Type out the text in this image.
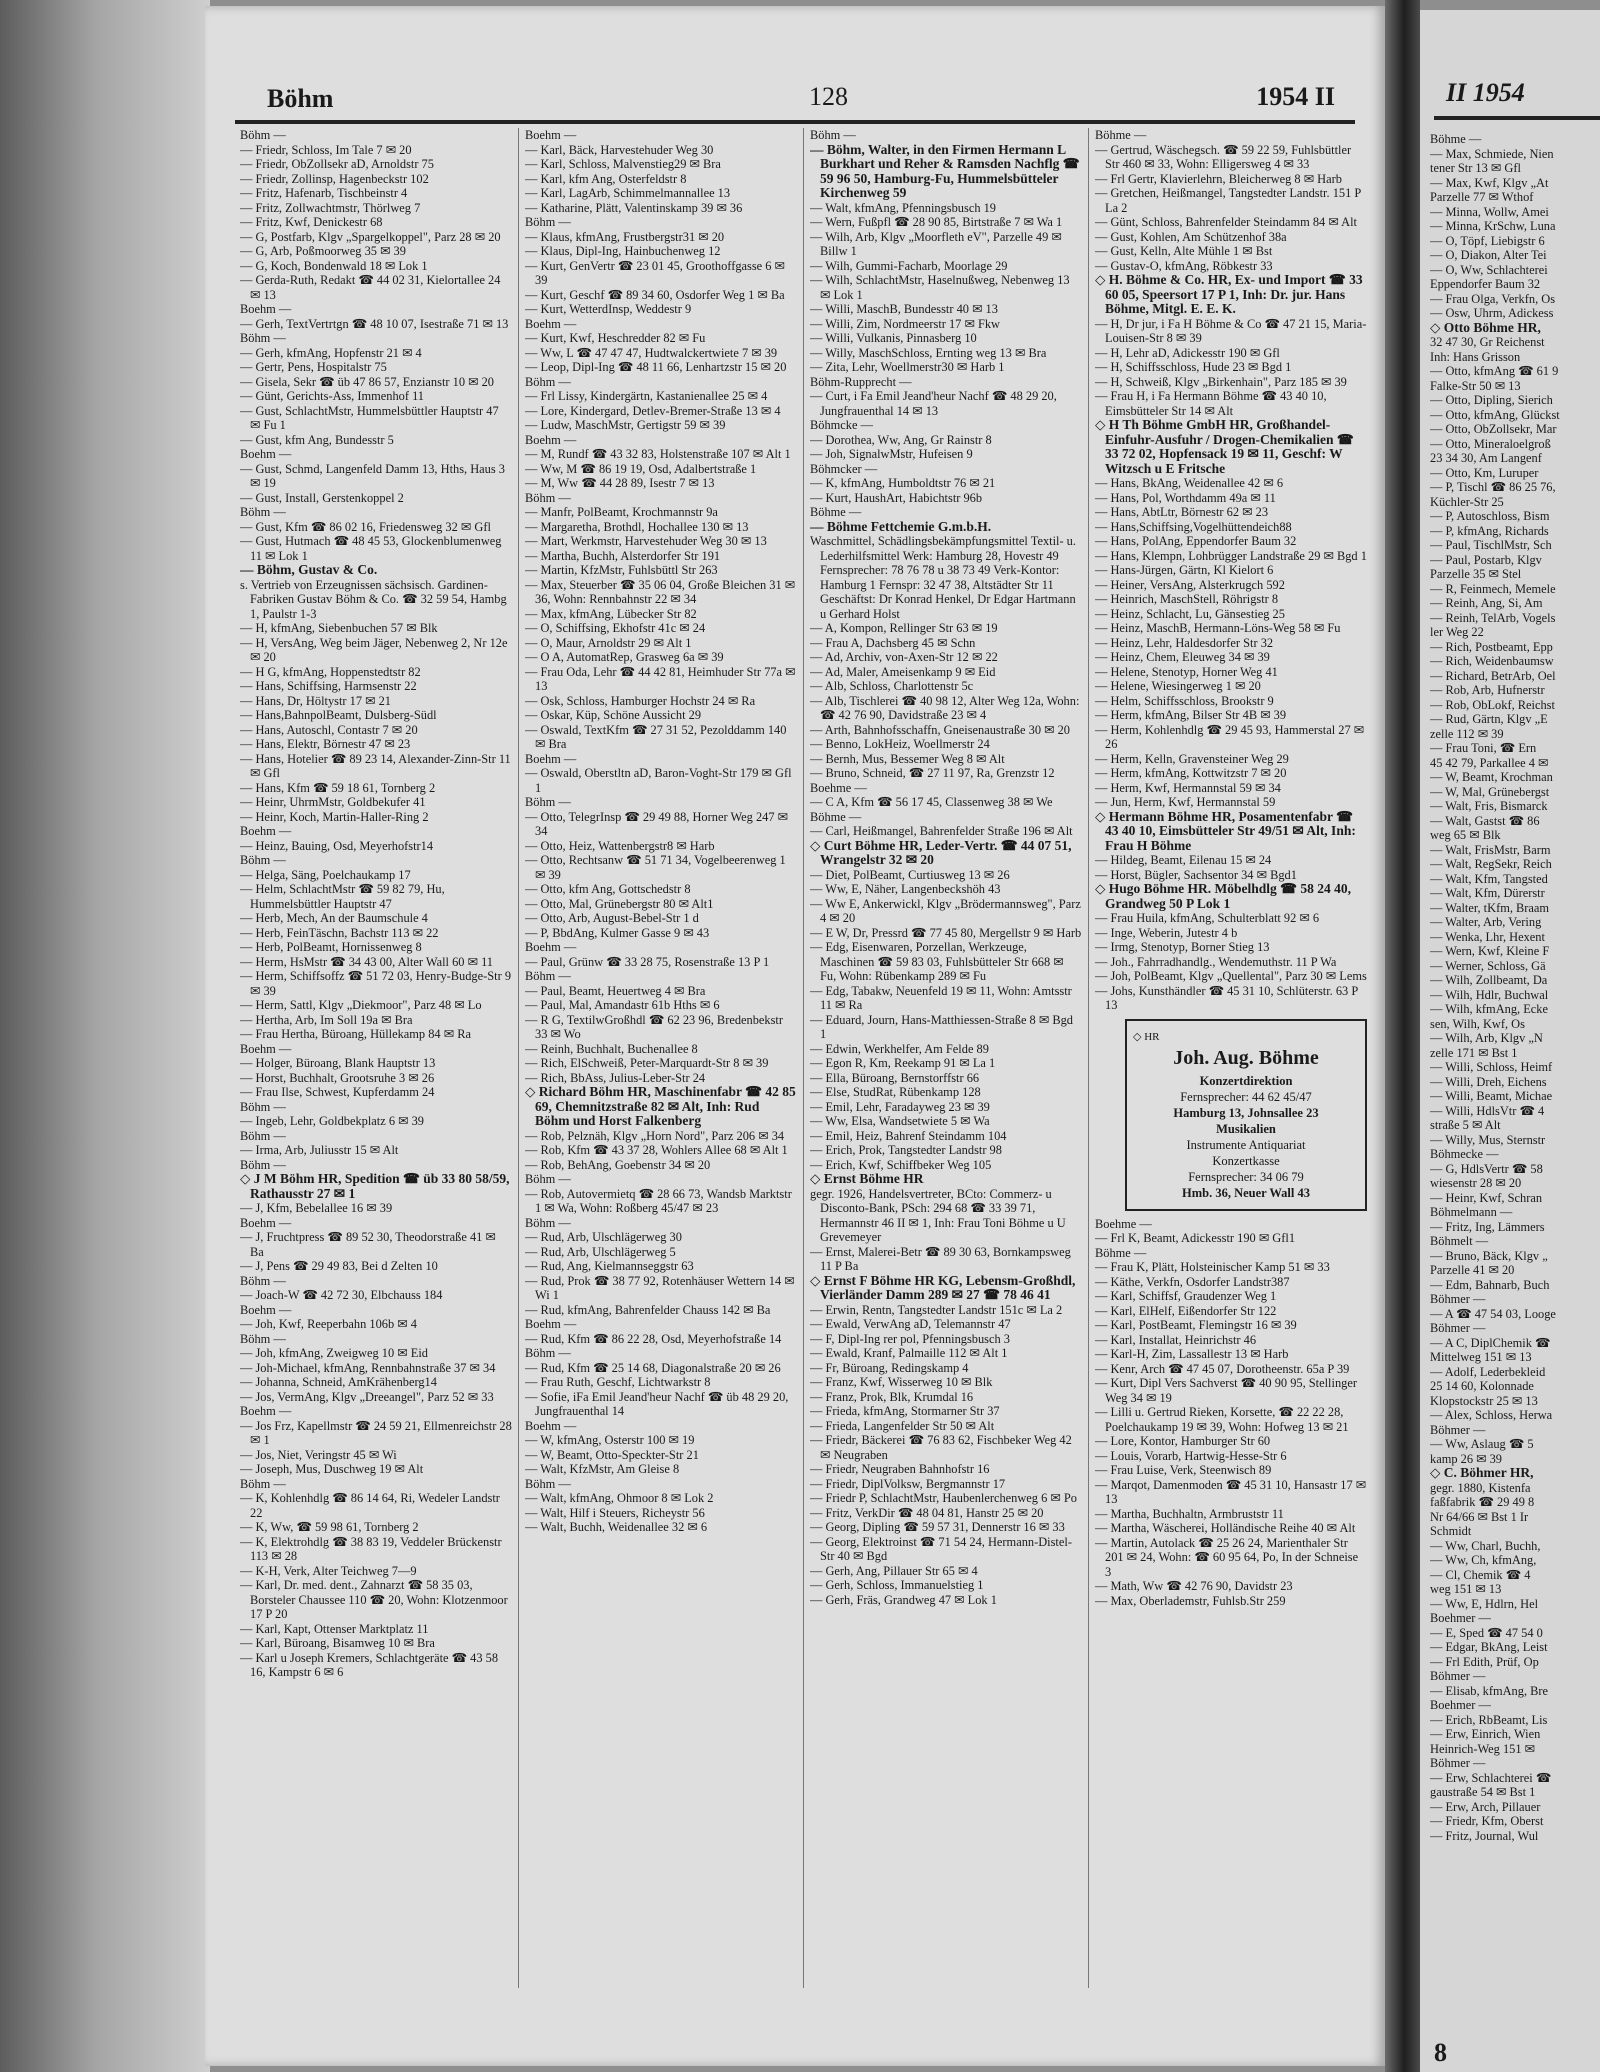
Böhm	128	1954 II

Böhm —

— Friedr, Schloss, Im Tale 7 ✉ 20

— Friedr, ObZollsekr aD, Arnoldstr 75

— Friedr, Zollinsp, Hagenbeckstr 102

— Fritz, Hafenarb, Tischbeinstr 4

— Fritz, Zollwachtmstr, Thörlweg 7

— Fritz, Kwf, Denickestr 68

— G, Postfarb, Klgv „Spargelkoppel", Parz 28 ✉ 20

— G, Arb, Poßmoorweg 35 ✉ 39

— G, Koch, Bondenwald 18 ✉ Lok 1

— Gerda-Ruth, Redakt ☎ 44 02 31, Kielortallee 24 ✉ 13

Boehm —

— Gerh, TextVertrtgn ☎ 48 10 07, Isestraße 71 ✉ 13

Böhm —

— Gerh, kfmAng, Hopfenstr 21 ✉ 4

— Gertr, Pens, Hospitalstr 75

— Gisela, Sekr ☎ üb 47 86 57, Enzianstr 10 ✉ 20

— Günt, Gerichts-Ass, Immenhof 11

— Gust, SchlachtMstr, Hummelsbüttler Hauptstr 47 ✉ Fu 1

— Gust, kfm Ang, Bundesstr 5

Boehm —

— Gust, Schmd, Langenfeld Damm 13, Hths, Haus 3 ✉ 19

— Gust, Install, Gerstenkoppel 2

Böhm —

— Gust, Kfm ☎ 86 02 16, Friedensweg 32 ✉ Gfl

— Gust, Hutmach ☎ 48 45 53, Glockenblumenweg 11 ✉ Lok 1

— Böhm, Gustav & Co.

s. Vertrieb von Erzeugnissen sächsisch. Gardinen-Fabriken Gustav Böhm & Co. ☎ 32 59 54, Hambg 1, Paulstr 1-3

— H, kfmAng, Siebenbuchen 57 ✉ Blk

— H, VersAng, Weg beim Jäger, Nebenweg 2, Nr 12e ✉ 20

— H G, kfmAng, Hoppenstedtstr 82

— Hans, Schiffsing, Harmsenstr 22

— Hans, Dr, Höltystr 17 ✉ 21

— Hans,BahnpolBeamt, Dulsberg-Südl

— Hans, Autoschl, Contastr 7 ✉ 20

— Hans, Elektr, Börnestr 47 ✉ 23

— Hans, Hotelier ☎ 89 23 14, Alexander-Zinn-Str 11 ✉ Gfl

— Hans, Kfm ☎ 59 18 61, Tornberg 2

— Heinr, UhrmMstr, Goldbekufer 41

— Heinr, Koch, Martin-Haller-Ring 2

Boehm —

— Heinz, Bauing, Osd, Meyerhofstr14

Böhm —

— Helga, Säng, Poelchaukamp 17

— Helm, SchlachtMstr ☎ 59 82 79, Hu, Hummelsbüttler Hauptstr 47

— Herb, Mech, An der Baumschule 4

— Herb, FeinTäschn, Bachstr 113 ✉ 22

— Herb, PolBeamt, Hornissenweg 8

— Herm, HsMstr ☎ 34 43 00, Alter Wall 60 ✉ 11

— Herm, Schiffsoffz ☎ 51 72 03, Henry-Budge-Str 9 ✉ 39

— Herm, Sattl, Klgv „Diekmoor", Parz 48 ✉ Lo

— Hertha, Arb, Im Soll 19a ✉ Bra

— Frau Hertha, Büroang, Hüllekamp 84 ✉ Ra

Boehm —

— Holger, Büroang, Blank Hauptstr 13

— Horst, Buchhalt, Grootsruhe 3 ✉ 26

— Frau Ilse, Schwest, Kupferdamm 24

Böhm —

— Ingeb, Lehr, Goldbekplatz 6 ✉ 39

Böhm —

— Irma, Arb, Juliusstr 15 ✉ Alt

Böhm —

◇ J M Böhm HR, Spedition ☎ üb 33 80 58/59, Rathausstr 27 ✉ 1

— J, Kfm, Bebelallee 16 ✉ 39

Boehm —

— J, Fruchtpress ☎ 89 52 30, Theodorstraße 41 ✉ Ba

— J, Pens ☎ 29 49 83, Bei d Zelten 10

Böhm —

— Joach-W ☎ 42 72 30, Elbchauss 184

Boehm —

— Joh, Kwf, Reeperbahn 106b ✉ 4

Böhm —

— Joh, kfmAng, Zweigweg 10 ✉ Eid

— Joh-Michael, kfmAng, Rennbahnstraße 37 ✉ 34

— Johanna, Schneid, AmKrähenberg14

— Jos, VermAng, Klgv „Dreeangel", Parz 52 ✉ 33

Boehm —

— Jos Frz, Kapellmstr ☎ 24 59 21, Ellmenreichstr 28 ✉ 1

— Jos, Niet, Veringstr 45 ✉ Wi

— Joseph, Mus, Duschweg 19 ✉ Alt

Böhm —

— K, Kohlenhdlg ☎ 86 14 64, Ri, Wedeler Landstr 22

— K, Ww, ☎ 59 98 61, Tornberg 2

— K, Elektrohdlg ☎ 38 83 19, Veddeler Brückenstr 113 ✉ 28

— K-H, Verk, Alter Teichweg 7—9

— Karl, Dr. med. dent., Zahnarzt ☎ 58 35 03, Borsteler Chaussee 110 ☎ 20, Wohn: Klotzenmoor 17 P 20

— Karl, Kapt, Ottenser Marktplatz 11

— Karl, Büroang, Bisamweg 10 ✉ Bra

— Karl u Joseph Kremers, Schlachtgeräte ☎ 43 58 16, Kampstr 6 ✉ 6

Boehm —

— Karl, Bäck, Harvestehuder Weg 30

— Karl, Schloss, Malvenstieg29 ✉ Bra

— Karl, kfm Ang, Osterfeldstr 8

— Karl, LagArb, Schimmelmannallee 13

— Katharine, Plätt, Valentinskamp 39 ✉ 36

Böhm —

— Klaus, kfmAng, Frustbergstr31 ✉ 20

— Klaus, Dipl-Ing, Hainbuchenweg 12

— Kurt, GenVertr ☎ 23 01 45, Groothoffgasse 6 ✉ 39

— Kurt, Geschf ☎ 89 34 60, Osdorfer Weg 1 ✉ Ba

— Kurt, WetterdInsp, Weddestr 9

Boehm —

— Kurt, Kwf, Heschredder 82 ✉ Fu

— Ww, L ☎ 47 47 47, Hudtwalckertwiete 7 ✉ 39

— Leop, Dipl-Ing ☎ 48 11 66, Lenhartzstr 15 ✉ 20

Böhm —

— Frl Lissy, Kindergärtn, Kastanienallee 25 ✉ 4

— Lore, Kindergard, Detlev-Bremer-Straße 13 ✉ 4

— Ludw, MaschMstr, Gertigstr 59 ✉ 39

Boehm —

— M, Rundf ☎ 43 32 83, Holstenstraße 107 ✉ Alt 1

— Ww, M ☎ 86 19 19, Osd, Adalbertstraße 1

— M, Ww ☎ 44 28 89, Isestr 7 ✉ 13

Böhm —

— Manfr, PolBeamt, Krochmannstr 9a

— Margaretha, Brothdl, Hochallee 130 ✉ 13

— Mart, Werkmstr, Harvestehuder Weg 30 ✉ 13

— Martha, Buchh, Alsterdorfer Str 191

— Martin, KfzMstr, Fuhlsbüttl Str 263

— Max, Steuerber ☎ 35 06 04, Große Bleichen 31 ✉ 36, Wohn: Rennbahnstr 22 ✉ 34

— Max, kfmAng, Lübecker Str 82

— O, Schiffsing, Ekhofstr 41c ✉ 24

— O, Maur, Arnoldstr 29 ✉ Alt 1

— O A, AutomatRep, Grasweg 6a ✉ 39

— Frau Oda, Lehr ☎ 44 42 81, Heimhuder Str 77a ✉ 13

— Osk, Schloss, Hamburger Hochstr 24 ✉ Ra

— Oskar, Küp, Schöne Aussicht 29

— Oswald, TextKfm ☎ 27 31 52, Pezolddamm 140 ✉ Bra

Boehm —

— Oswald, Oberstltn aD, Baron-Voght-Str 179 ✉ Gfl 1

Böhm —

— Otto, TelegrInsp ☎ 29 49 88, Horner Weg 247 ✉ 34

— Otto, Heiz, Wattenbergstr8 ✉ Harb

— Otto, Rechtsanw ☎ 51 71 34, Vogelbeerenweg 1 ✉ 39

— Otto, kfm Ang, Gottschedstr 8

— Otto, Mal, Grünebergstr 80 ✉ Alt1

— Otto, Arb, August-Bebel-Str 1 d

— P, BbdAng, Kulmer Gasse 9 ✉ 43

Boehm —

— Paul, Grünw ☎ 33 28 75, Rosenstraße 13 P 1

Böhm —

— Paul, Beamt, Heuertweg 4 ✉ Bra

— Paul, Mal, Amandastr 61b Hths ✉ 6

— R G, TextilwGroßhdl ☎ 62 23 96, Bredenbekstr 33 ✉ Wo

— Reinh, Buchhalt, Buchenallee 8

— Rich, ElSchweiß, Peter-Marquardt-Str 8 ✉ 39

— Rich, BbAss, Julius-Leber-Str 24

◇ Richard Böhm HR, Maschinenfabr ☎ 42 85 69, Chemnitzstraße 82 ✉ Alt, Inh: Rud Böhm und Horst Falkenberg

— Rob, Pelznäh, Klgv „Horn Nord", Parz 206 ✉ 34

— Rob, Kfm ☎ 43 37 28, Wohlers Allee 68 ✉ Alt 1

— Rob, BehAng, Goebenstr 34 ✉ 20

Böhm —

— Rob, Autovermietq ☎ 28 66 73, Wandsb Marktstr 1 ✉ Wa, Wohn: Roßberg 45/47 ✉ 23

Böhm —

— Rud, Arb, Ulschlägerweg 30

— Rud, Arb, Ulschlägerweg 5

— Rud, Ang, Kielmannseggstr 63

— Rud, Prok ☎ 38 77 92, Rotenhäuser Wettern 14 ✉ Wi 1

— Rud, kfmAng, Bahrenfelder Chauss 142 ✉ Ba

Boehm —

— Rud, Kfm ☎ 86 22 28, Osd, Meyerhofstraße 14

Böhm —

— Rud, Kfm ☎ 25 14 68, Diagonalstraße 20 ✉ 26

— Frau Ruth, Geschf, Lichtwarkstr 8

— Sofie, iFa Emil Jeand'heur Nachf ☎ üb 48 29 20, Jungfrauenthal 14

Boehm —

— W, kfmAng, Osterstr 100 ✉ 19

— W, Beamt, Otto-Speckter-Str 21

— Walt, KfzMstr, Am Gleise 8

Böhm —

— Walt, kfmAng, Ohmoor 8 ✉ Lok 2

— Walt, Hilf i Steuers, Richeystr 56

— Walt, Buchh, Weidenallee 32 ✉ 6

Böhm —

— Böhm, Walter, in den Firmen Hermann L Burkhart und Reher & Ramsden Nachflg ☎ 59 96 50, Hamburg-Fu, Hummelsbütteler Kirchenweg 59

— Walt, kfmAng, Pfenningsbusch 19

— Wern, Fußpfl ☎ 28 90 85, Birtstraße 7 ✉ Wa 1

— Wilh, Arb, Klgv „Moorfleth eV", Parzelle 49 ✉ Billw 1

— Wilh, Gummi-Facharb, Moorlage 29

— Wilh, SchlachtMstr, Haselnußweg, Nebenweg 13 ✉ Lok 1

— Willi, MaschB, Bundesstr 40 ✉ 13

— Willi, Zim, Nordmeerstr 17 ✉ Fkw

— Willi, Vulkanis, Pinnasberg 10

— Willy, MaschSchloss, Ernting weg 13 ✉ Bra

— Zita, Lehr, Woellmerstr30 ✉ Harb 1

Böhm-Rupprecht —

— Curt, i Fa Emil Jeand'heur Nachf ☎ 48 29 20, Jungfrauenthal 14 ✉ 13

Böhmcke —

— Dorothea, Ww, Ang, Gr Rainstr 8

— Joh, SignalwMstr, Hufeisen 9

Böhmcker —

— K, kfmAng, Humboldtstr 76 ✉ 21

— Kurt, HaushArt, Habichtstr 96b

Böhme —

— Böhme Fettchemie G.m.b.H.

Waschmittel, Schädlingsbekämpfungsmittel Textil- u. Lederhilfsmittel Werk: Hamburg 28, Hovestr 49 Fernsprecher: 78 76 78 u 38 73 49 Verk-Kontor: Hamburg 1 Fernspr: 32 47 38, Altstädter Str 11 Geschäftst: Dr Konrad Henkel, Dr Edgar Hartmann u Gerhard Holst

— A, Kompon, Rellinger Str 63 ✉ 19

— Frau A, Dachsberg 45 ✉ Schn

— Ad, Archiv, von-Axen-Str 12 ✉ 22

— Ad, Maler, Ameisenkamp 9 ✉ Eid

— Alb, Schloss, Charlottenstr 5c

— Alb, Tischlerei ☎ 40 98 12, Alter Weg 12a, Wohn: ☎ 42 76 90, Davidstraße 23 ✉ 4

— Arth, Bahnhofsschaffn, Gneisenaustraße 30 ✉ 20

— Benno, LokHeiz, Woellmerstr 24

— Bernh, Mus, Bessemer Weg 8 ✉ Alt

— Bruno, Schneid, ☎ 27 11 97, Ra, Grenzstr 12

Boehme —

— C A, Kfm ☎ 56 17 45, Classenweg 38 ✉ We

Böhme —

— Carl, Heißmangel, Bahrenfelder Straße 196 ✉ Alt

◇ Curt Böhme HR, Leder-Vertr. ☎ 44 07 51, Wrangelstr 32 ✉ 20

— Diet, PolBeamt, Curtiusweg 13 ✉ 26

— Ww, E, Näher, Langenbeckshöh 43

— Ww E, Ankerwickl, Klgv „Brödermannsweg", Parz 4 ✉ 20

— E W, Dr, Pressrd ☎ 77 45 80, Mergellstr 9 ✉ Harb

— Edg, Eisenwaren, Porzellan, Werkzeuge, Maschinen ☎ 59 83 03, Fuhlsbütteler Str 668 ✉ Fu, Wohn: Rübenkamp 289 ✉ Fu

— Edg, Tabakw, Neuenfeld 19 ✉ 11, Wohn: Amtsstr 11 ✉ Ra

— Eduard, Journ, Hans-Matthiessen-Straße 8 ✉ Bgd 1

— Edwin, Werkhelfer, Am Felde 89

— Egon R, Km, Reekamp 91 ✉ La 1

— Ella, Büroang, Bernstorffstr 66

— Else, StudRat, Rübenkamp 128

— Emil, Lehr, Faradayweg 23 ✉ 39

— Ww, Elsa, Wandsetwiete 5 ✉ Wa

— Emil, Heiz, Bahrenf Steindamm 104

— Erich, Prok, Tangstedter Landstr 98

— Erich, Kwf, Schiffbeker Weg 105

◇ Ernst Böhme HR

gegr. 1926, Handelsvertreter, BCto: Commerz- u Disconto-Bank, PSch: 294 68 ☎ 33 39 71, Hermannstr 46 II ✉ 1, Inh: Frau Toni Böhme u U Grevemeyer

— Ernst, Malerei-Betr ☎ 89 30 63, Bornkampsweg 11 P Ba

◇ Ernst F Böhme HR KG, Lebensm-Großhdl, Vierländer Damm 289 ✉ 27 ☎ 78 46 41

— Erwin, Rentn, Tangstedter Landstr 151c ✉ La 2

— Ewald, VerwAng aD, Telemannstr 47

— F, Dipl-Ing rer pol, Pfenningsbusch 3

— Ewald, Kranf, Palmaille 112 ✉ Alt 1

— Fr, Büroang, Redingskamp 4

— Franz, Kwf, Wisserweg 10 ✉ Blk

— Franz, Prok, Blk, Krumdal 16

— Frieda, kfmAng, Stormarner Str 37

— Frieda, Langenfelder Str 50 ✉ Alt

— Friedr, Bäckerei ☎ 76 83 62, Fischbeker Weg 42 ✉ Neugraben

— Friedr, Neugraben Bahnhofstr 16

— Friedr, DiplVolksw, Bergmannstr 17

— Friedr P, SchlachtMstr, Haubenlerchenweg 6 ✉ Po

— Fritz, VerkDir ☎ 48 04 81, Hanstr 25 ✉ 20

— Georg, Dipling ☎ 59 57 31, Dennerstr 16 ✉ 33

— Georg, Elektroinst ☎ 71 54 24, Hermann-Distel-Str 40 ✉ Bgd

— Gerh, Ang, Pillauer Str 65 ✉ 4

— Gerh, Schloss, Immanuelstieg 1

— Gerh, Fräs, Grandweg 47 ✉ Lok 1

Böhme —

— Gertrud, Wäschegsch. ☎ 59 22 59, Fuhlsbüttler Str 460 ✉ 33, Wohn: Elligersweg 4 ✉ 33

— Frl Gertr, Klavierlehrn, Bleicherweg 8 ✉ Harb

— Gretchen, Heißmangel, Tangstedter Landstr. 151 P La 2

— Günt, Schloss, Bahrenfelder Steindamm 84 ✉ Alt

— Gust, Kohlen, Am Schützenhof 38a

— Gust, Kelln, Alte Mühle 1 ✉ Bst

— Gustav-O, kfmAng, Röbkestr 33

◇ H. Böhme & Co. HR, Ex- und Import ☎ 33 60 05, Speersort 17 P 1, Inh: Dr. jur. Hans Böhme, Mitgl. E. E. K.

— H, Dr jur, i Fa H Böhme & Co ☎ 47 21 15, Maria-Louisen-Str 8 ✉ 39

— H, Lehr aD, Adickesstr 190 ✉ Gfl

— H, Schiffsschloss, Hude 23 ✉ Bgd 1

— H, Schweiß, Klgv „Birkenhain", Parz 185 ✉ 39

— Frau H, i Fa Hermann Böhme ☎ 43 40 10, Eimsbütteler Str 14 ✉ Alt

◇ H Th Böhme GmbH HR, Großhandel-Einfuhr-Ausfuhr / Drogen-Chemikalien ☎ 33 72 02, Hopfensack 19 ✉ 11, Geschf: W Witzsch u E Fritsche

— Hans, BkAng, Weidenallee 42 ✉ 6

— Hans, Pol, Worthdamm 49a ✉ 11

— Hans, AbtLtr, Börnestr 62 ✉ 23

— Hans,Schiffsing,Vogelhüttendeich88

— Hans, PolAng, Eppendorfer Baum 32

— Hans, Klempn, Lohbrügger Landstraße 29 ✉ Bgd 1

— Hans-Jürgen, Gärtn, Kl Kielort 6

— Heiner, VersAng, Alsterkrugch 592

— Heinrich, MaschStell, Röhrigstr 8

— Heinz, Schlacht, Lu, Gänsestieg 25

— Heinz, MaschB, Hermann-Löns-Weg 58 ✉ Fu

— Heinz, Lehr, Haldesdorfer Str 32

— Heinz, Chem, Eleuweg 34 ✉ 39

— Helene, Stenotyp, Horner Weg 41

— Helene, Wiesingerweg 1 ✉ 20

— Helm, Schiffsschloss, Brookstr 9

— Herm, kfmAng, Bilser Str 4B ✉ 39

— Herm, Kohlenhdlg ☎ 29 45 93, Hammerstal 27 ✉ 26

— Herm, Kelln, Gravensteiner Weg 29

— Herm, kfmAng, Kottwitzstr 7 ✉ 20

— Herm, Kwf, Hermannstal 59 ✉ 34

— Jun, Herm, Kwf, Hermannstal 59

◇ Hermann Böhme HR, Posamentenfabr ☎ 43 40 10, Eimsbütteler Str 49/51 ✉ Alt, Inh: Frau H Böhme

— Hildeg, Beamt, Eilenau 15 ✉ 24

— Horst, Bügler, Sachsentor 34 ✉ Bgd1

◇ Hugo Böhme HR. Möbelhdlg ☎ 58 24 40, Grandweg 50 P Lok 1

— Frau Huila, kfmAng, Schulterblatt 92 ✉ 6

— Inge, Weberin, Jutestr 4 b

— Irmg, Stenotyp, Borner Stieg 13

— Joh., Fahrradhandlg., Wendemuthstr. 11 P Wa

— Joh, PolBeamt, Klgv „Quellental", Parz 30 ✉ Lems

— Johs, Kunsthändler ☎ 45 31 10, Schlüterstr. 63 P 13

◇ HR
Joh. Aug. Böhme
Konzertdirektion
Fernsprecher: 44 62 45/47
Hamburg 13, Johnsallee 23
Musikalien
Instrumente Antiquariat
Konzertkasse
Fernsprecher: 34 06 79
Hmb. 36, Neuer Wall 43

Boehme —

— Frl K, Beamt, Adickesstr 190 ✉ Gfl1

Böhme —

— Frau K, Plätt, Holsteinischer Kamp 51 ✉ 33

— Käthe, Verkfn, Osdorfer Landstr387

— Karl, Schiffsf, Graudenzer Weg 1

— Karl, ElHelf, Eißendorfer Str 122

— Karl, PostBeamt, Flemingstr 16 ✉ 39

— Karl, Installat, Heinrichstr 46

— Karl-H, Zim, Lassallestr 13 ✉ Harb

— Kenr, Arch ☎ 47 45 07, Dorotheenstr. 65a P 39

— Kurt, Dipl Vers Sachverst ☎ 40 90 95, Stellinger Weg 34 ✉ 19

— Lilli u. Gertrud Rieken, Korsette, ☎ 22 22 28, Poelchaukamp 19 ✉ 39, Wohn: Hofweg 13 ✉ 21

— Lore, Kontor, Hamburger Str 60

— Louis, Vorarb, Hartwig-Hesse-Str 6

— Frau Luise, Verk, Steenwisch 89

— Marqot, Damenmoden ☎ 45 31 10, Hansastr 17 ✉ 13

— Martha, Buchhaltn, Armbruststr 11

— Martha, Wäscherei, Holländische Reihe 40 ✉ Alt

— Martin, Autolack ☎ 25 26 24, Marienthaler Str 201 ✉ 24, Wohn: ☎ 60 95 64, Po, In der Schneise 3

— Math, Ww ☎ 42 76 90, Davidstr 23

— Max, Oberlademstr, Fuhlsb.Str 259

II 1954

Böhme —

— Max, Schmiede, Nien

tener Str 13 ✉ Gfl

— Max, Kwf, Klgv „At

Parzelle 77 ✉ Wthof

— Minna, Wollw, Amei

— Minna, KrSchw, Luna

— O, Töpf, Liebigstr 6

— O, Diakon, Alter Tei

— O, Ww, Schlachterei

Eppendorfer Baum 32

— Frau Olga, Verkfn, Os

— Osw, Uhrm, Adickess

◇ Otto Böhme HR,

32 47 30, Gr Reichenst

Inh: Hans Grisson

— Otto, kfmAng ☎ 61 9

Falke-Str 50 ✉ 13

— Otto, Dipling, Sierich

— Otto, kfmAng, Glückst

— Otto, ObZollsekr, Mar

— Otto, Mineraloelgroß

23 34 30, Am Langenf

— Otto, Km, Luruper

— P, Tischl ☎ 86 25 76,

Küchler-Str 25

— P, Autoschloss, Bism

— P, kfmAng, Richards

— Paul, TischlMstr, Sch

— Paul, Postarb, Klgv

Parzelle 35 ✉ Stel

— R, Feinmech, Memele

— Reinh, Ang, Si, Am

— Reinh, TelArb, Vogels

ler Weg 22

— Rich, Postbeamt, Epp

— Rich, Weidenbaumsw

— Richard, BetrArb, Oel

— Rob, Arb, Hufnerstr

— Rob, ObLokf, Reichst

— Rud, Gärtn, Klgv „E

zelle 112 ✉ 39

— Frau Toni, ☎ Ern

45 42 79, Parkallee 4 ✉

— W, Beamt, Krochman

— W, Mal, Grünebergst

— Walt, Fris, Bismarck

— Walt, Gastst ☎ 86

weg 65 ✉ Blk

— Walt, FrisMstr, Barm

— Walt, RegSekr, Reich

— Walt, Kfm, Tangsted

— Walt, Kfm, Dürerstr

— Walter, tKfm, Braam

— Walter, Arb, Vering

— Wenka, Lhr, Hexent

— Wern, Kwf, Kleine F

— Werner, Schloss, Gä

— Wilh, Zollbeamt, Da

— Wilh, Hdlr, Buchwal

— Wilh, kfmAng, Ecke

sen, Wilh, Kwf, Os

— Wilh, Arb, Klgv „N

zelle 171 ✉ Bst 1

— Willi, Schloss, Heimf

— Willi, Dreh, Eichens

— Willi, Beamt, Michae

— Willi, HdlsVtr ☎ 4

straße 5 ✉ Alt

— Willy, Mus, Sternstr

Böhmecke —

— G, HdlsVertr ☎ 58

wiesenstr 28 ✉ 20

— Heinr, Kwf, Schran

Böhmelmann —

— Fritz, Ing, Lämmers

Böhmelt —

— Bruno, Bäck, Klgv „

Parzelle 41 ✉ 20

— Edm, Bahnarb, Buch

Böhmer —

— A ☎ 47 54 03, Looge

Böhmer —

— A C, DiplChemik ☎

Mittelweg 151 ✉ 13

— Adolf, Lederbekleid

25 14 60, Kolonnade

Klopstockstr 25 ✉ 13

— Alex, Schloss, Herwa

Böhmer —

— Ww, Aslaug ☎ 5

kamp 26 ✉ 39

◇ C. Böhmer HR,

gegr. 1880, Kistenfa

faßfabrik ☎ 29 49 8

Nr 64/66 ✉ Bst 1 Ir

Schmidt

— Ww, Charl, Buchh,

— Ww, Ch, kfmAng,

— Cl, Chemik ☎ 4

weg 151 ✉ 13

— Ww, E, Hdlrn, Hel

Boehmer —

— E, Sped ☎ 47 54 0

— Edgar, BkAng, Leist

— Frl Edith, Prüf, Op

Böhmer —

— Elisab, kfmAng, Bre

Boehmer —

— Erich, RbBeamt, Lis

— Erw, Einrich, Wien

Heinrich-Weg 151 ✉

Böhmer —

— Erw, Schlachterei ☎

gaustraße 54 ✉ Bst 1

— Erw, Arch, Pillauer

— Friedr, Kfm, Oberst

— Fritz, Journal, Wul

8
